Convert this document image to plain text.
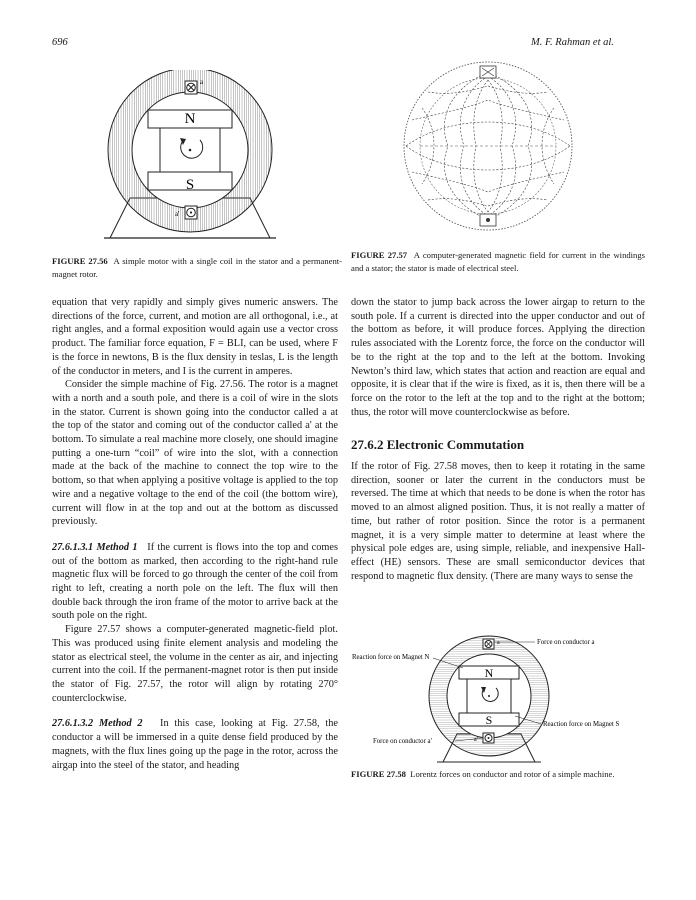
696	M. F. Rahman et al.
N
S
a
a'
FIGURE 27.56 A simple motor with a single coil in the stator and a permanent-magnet rotor.
FIGURE 27.57 A computer-generated magnetic field for current in the windings and a stator; the stator is made of electrical steel.

equation that very rapidly and simply gives numeric answers. The directions of the force, current, and motion are all orthogonal, i.e., at right angles, and a formal exposition would again use a vector cross product. The familiar force equation, F = BLI, can be used, where F is the force in newtons, B is the flux density in teslas, L is the length of the conductor in meters, and I is the current in amperes.

Consider the simple machine of Fig. 27.56. The rotor is a magnet with a north and a south pole, and there is a coil of wire in the slots in the stator. Current is shown going into the conductor called a at the top of the stator and coming out of the conductor called a' at the bottom. To simulate a real machine more closely, one should imagine putting a one-turn “coil” of wire into the slot, with a connection made at the back of the machine to connect the top wire to the bottom, so that when applying a positive voltage is applied to the top wire and a negative voltage to the end of the coil (the bottom wire), current will flow in at the top and out at the bottom as discussed previously.

27.6.1.3.1 Method 1 If the current is flows into the top and comes out of the bottom as marked, then according to the right-hand rule magnetic flux will be forced to go through the center of the coil from right to left, creating a north pole on the left. The flux will then double back through the iron frame of the motor to arrive back at the south pole on the right.

Figure 27.57 shows a computer-generated magnetic-field plot. This was produced using finite element analysis and modeling the stator as electrical steel, the volume in the center as air, and injecting current into the coil. If the permanent-magnet rotor is then put inside the stator of Fig. 27.57, the rotor will align by rotating 270° counterclockwise.

27.6.1.3.2 Method 2 In this case, looking at Fig. 27.58, the conductor a will be immersed in a quite dense field produced by the magnets, with the flux lines going up the page in the rotor, across the airgap into the steel of the stator, and heading

down the stator to jump back across the lower airgap to return to the south pole. If a current is directed into the upper conductor and out of the bottom as before, it will produce forces. Applying the direction rules associated with the Lorentz force, the force on the conductor will be to the right at the top and to the left at the bottom. Invoking Newton’s third law, which states that action and reaction are equal and opposite, it is clear that if the wire is fixed, as it is, then there will be a force on the rotor to the left at the top and to the right at the bottom; thus, the rotor will move counterclockwise as before.

27.6.2 Electronic Commutation

If the rotor of Fig. 27.58 moves, then to keep it rotating in the same direction, sooner or later the current in the conductors must be reversed. The time at which that needs to be done is when the rotor has moved to an almost aligned position. Thus, it is not really a matter of time, but rather of rotor position. Since the rotor is a permanent magnet, it is a very simple matter to determine at least where the physical pole edges are, using simple, reliable, and inexpensive Hall-effect (HE) sensors. These are small semiconductor devices that respond to magnetic flux density. (There are many ways to sense the

N
S
a
a'
Force on conductor a
Reaction force on Magnet N
Reaction force on Magnet S
Force on conductor a'
FIGURE 27.58 Lorentz forces on conductor and rotor of a simple machine.
